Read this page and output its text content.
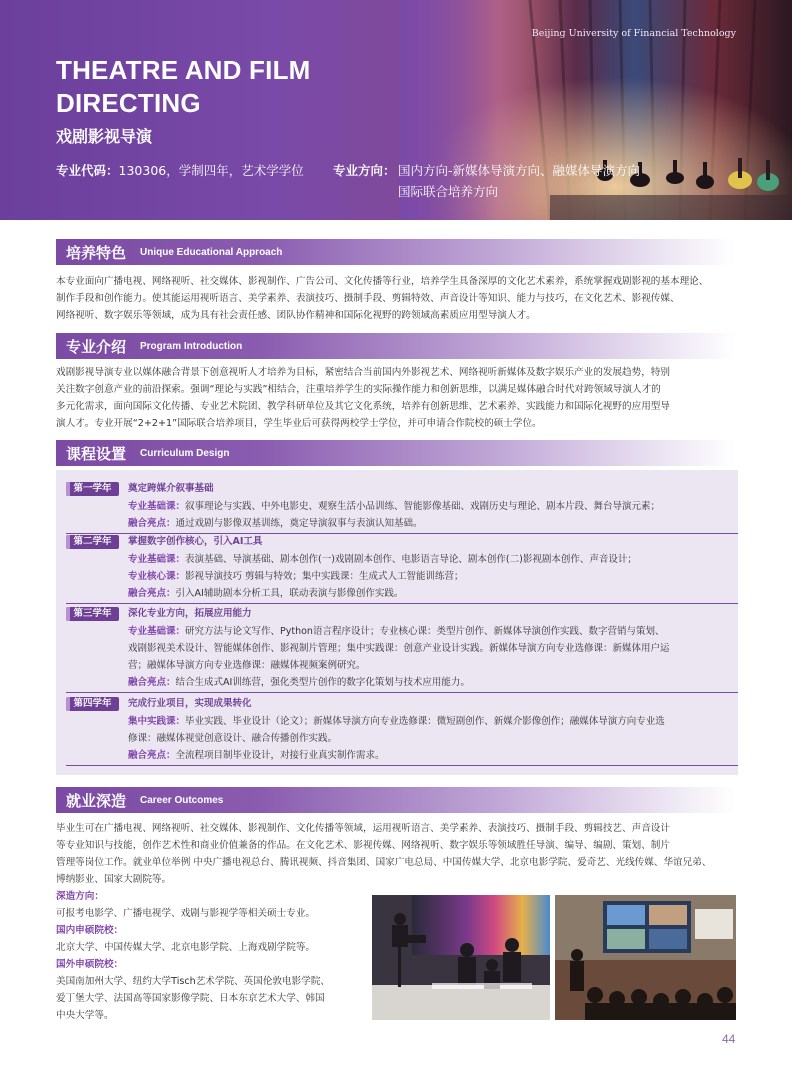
Beijing University of Financial Technology
THEATRE AND FILM
DIRECTING
戏剧影视导演
专业代码：130306，学制四年，艺术学学位 专业方向： 国内方向-新媒体导演方向、融媒体导演方向
国际联合培养方向
培养特色 Unique Educational Approach
本专业面向广播电视、网络视听、社交媒体、影视制作、广告公司、文化传播等行业，培养学生具备深厚的文化艺术素养，系统掌握戏剧影视的基本理论、
制作手段和创作能力。使其能运用视听语言、美学素养、表演技巧、摄制手段、剪辑特效、声音设计等知识、能力与技巧，在文化艺术、影视传媒、
网络视听、数字娱乐等领域，成为具有社会责任感、团队协作精神和国际化视野的跨领域高素质应用型导演人才。
专业介绍 Program Introduction
戏剧影视导演专业以媒体融合背景下创意视听人才培养为目标，紧密结合当前国内外影视艺术、网络视听新媒体及数字娱乐产业的发展趋势，特别
关注数字创意产业的前沿探索。强调“理论与实践”相结合，注重培养学生的实际操作能力和创新思维，以满足媒体融合时代对跨领域导演人才的
多元化需求，面向国际文化传播、专业艺术院团、教学科研单位及其它文化系统，培养有创新思维、艺术素养、实践能力和国际化视野的应用型导
演人才。专业开展“2+2+1”国际联合培养项目，学生毕业后可获得两校学士学位，并可申请合作院校的硕士学位。
课程设置 Curriculum Design
第一学年	奠定跨媒介叙事基础
专业基础课：叙事理论与实践、中外电影史、观察生活小品训练、智能影像基础、戏剧历史与理论、剧本片段、舞台导演元素；
融合亮点：通过戏剧与影像双基训练，奠定导演叙事与表演认知基础。
第二学年	掌握数字创作核心，引入AI工具
专业基础课：表演基础、导演基础、剧本创作(一)戏剧剧本创作、电影语言导论、剧本创作(二)影视剧本创作、声音设计；
专业核心课：影视导演技巧 剪辑与特效；集中实践课：生成式人工智能训练营；
融合亮点：引入AI辅助剧本分析工具，联动表演与影像创作实践。
第三学年	深化专业方向，拓展应用能力
专业基础课：研究方法与论文写作、Python语言程序设计；专业核心课：类型片创作、新媒体导演创作实践、数字营销与策划、
戏剧影视美术设计、智能媒体创作、影视制片管理；集中实践课：创意产业设计实践。新媒体导演方向专业选修课：新媒体用户运
营；融媒体导演方向专业选修课：融媒体视频案例研究。
融合亮点：结合生成式AI训练营，强化类型片创作的数字化策划与技术应用能力。
第四学年	完成行业项目，实现成果转化
集中实践课：毕业实践、毕业设计（论文）；新媒体导演方向专业选修课：微短剧创作、新媒介影像创作；融媒体导演方向专业选
修课：融媒体视觉创意设计、融合传播创作实践。
融合亮点：全流程项目制毕业设计，对接行业真实制作需求。
就业深造 Career Outcomes
毕业生可在广播电视、网络视听、社交媒体、影视制作、文化传播等领域，运用视听语言、美学素养、表演技巧、摄制手段、剪辑技艺、声音设计
等专业知识与技能，创作艺术性和商业价值兼备的作品。在文化艺术、影视传媒、网络视听、数字娱乐等领域胜任导演、编导、编剧、策划、制片
管理等岗位工作。就业单位举例 中央广播电视总台、腾讯视频、抖音集团、国家广电总局、中国传媒大学、北京电影学院、爱奇艺、光线传媒、华谊兄弟、
博纳影业、国家大剧院等。
深造方向：
可报考电影学、广播电视学、戏剧与影视学等相关硕士专业。
国内申硕院校：
北京大学、中国传媒大学、北京电影学院、上海戏剧学院等。
国外申硕院校：
美国南加州大学、纽约大学Tisch艺术学院、英国伦敦电影学院、
爱丁堡大学、法国高等国家影像学院、日本东京艺术大学、韩国
中央大学等。
44
